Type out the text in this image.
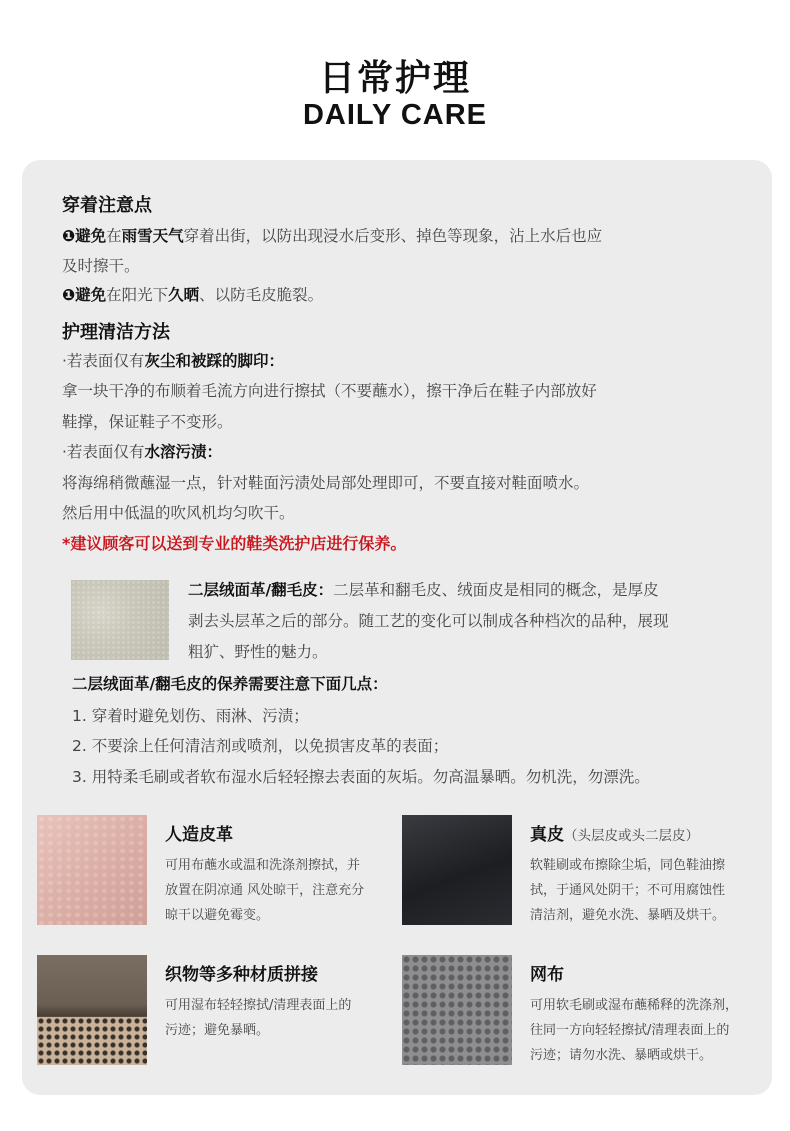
日常护理
DAILY CARE
穿着注意点
❶避免在雨雪天气穿着出街，以防出现浸水后变形、掉色等现象，沾上水后也应
及时擦干。
❶避免在阳光下久晒、以防毛皮脆裂。
护理清洁方法
·若表面仅有灰尘和被踩的脚印：
拿一块干净的布顺着毛流方向进行擦拭（不要蘸水），擦干净后在鞋子内部放好
鞋撑，保证鞋子不变形。
·若表面仅有水溶污渍：
将海绵稍微蘸湿一点，针对鞋面污渍处局部处理即可，不要直接对鞋面喷水。
然后用中低温的吹风机均匀吹干。
*建议顾客可以送到专业的鞋类洗护店进行保养。
二层绒面革/翻毛皮：二层革和翻毛皮、绒面皮是相同的概念，是厚皮
剥去头层革之后的部分。随工艺的变化可以制成各种档次的品种，展现
粗犷、野性的魅力。
二层绒面革/翻毛皮的保养需要注意下面几点：
1. 穿着时避免划伤、雨淋、污渍；
2. 不要涂上任何清洁剂或喷剂，以免损害皮革的表面；
3. 用特柔毛刷或者软布湿水后轻轻擦去表面的灰垢。勿高温暴晒。勿机洗，勿漂洗。
人造皮革
可用布蘸水或温和洗涤剂擦拭，并
放置在阴凉通 风处晾干，注意充分
晾干以避免霉变。
真皮（头层皮或头二层皮）
软鞋刷或布擦除尘垢，同色鞋油擦
拭，于通风处阴干；不可用腐蚀性
清洁剂，避免水洗、暴晒及烘干。
织物等多种材质拼接
可用湿布轻轻擦拭/清理表面上的
污迹；避免暴晒。
网布
可用软毛刷或湿布蘸稀释的洗涤剂，
往同一方向轻轻擦拭/清理表面上的
污迹；请勿水洗、暴晒或烘干。
